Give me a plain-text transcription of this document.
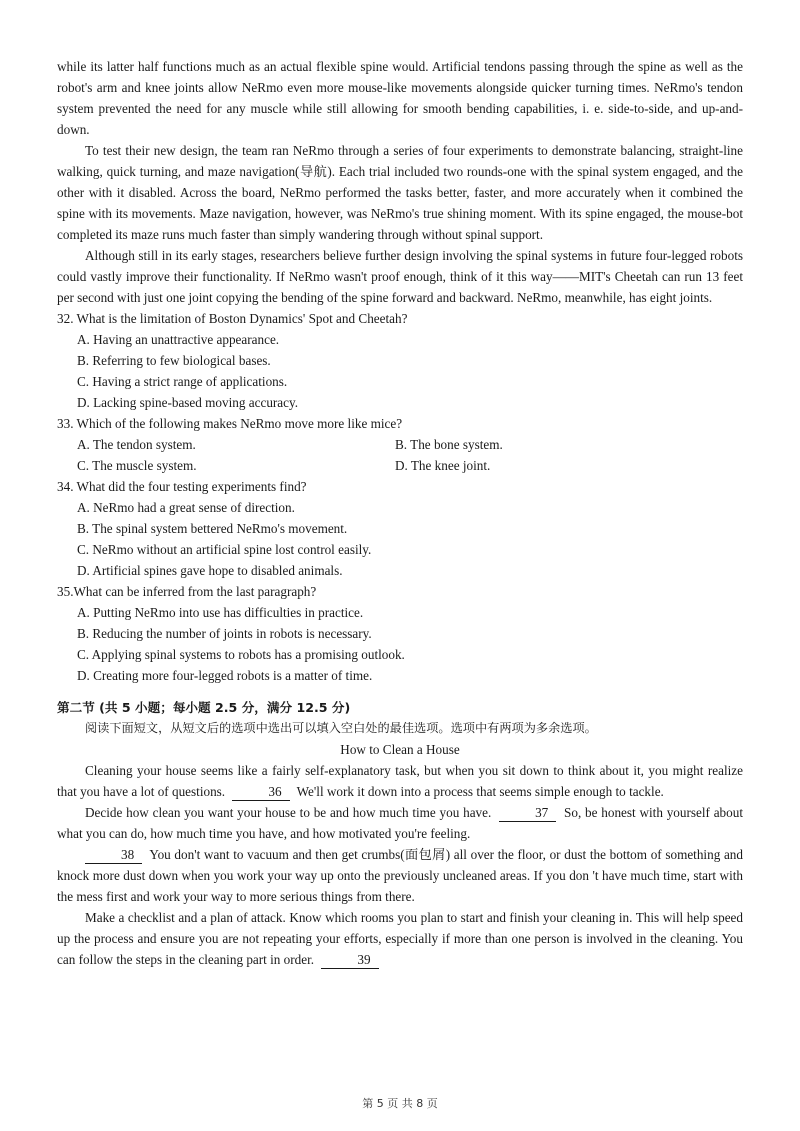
while its latter half functions much as an actual flexible spine would. Artificial tendons passing through the spine as well as the robot's arm and knee joints allow NeRmo even more mouse-like movements alongside quicker turning times. NeRmo's tendon system prevented the need for any muscle while still allowing for smooth bending capabilities, i. e. side-to-side, and up-and-down.

To test their new design, the team ran NeRmo through a series of four experiments to demonstrate balancing, straight-line walking, quick turning, and maze navigation(导航). Each trial included two rounds-one with the spinal system engaged, and the other with it disabled. Across the board, NeRmo performed the tasks better, faster, and more accurately when it combined the spine with its movements. Maze navigation, however, was NeRmo's true shining moment. With its spine engaged, the mouse-bot completed its maze runs much faster than simply wandering through without spinal support.

Although still in its early stages, researchers believe further design involving the spinal systems in future four-legged robots could vastly improve their functionality. If NeRmo wasn't proof enough, think of it this way——MIT's Cheetah can run 13 feet per second with just one joint copying the bending of the spine forward and backward. NeRmo, meanwhile, has eight joints.

32. What is the limitation of Boston Dynamics' Spot and Cheetah?

A. Having an unattractive appearance.

B. Referring to few biological bases.

C. Having a strict range of applications.

D. Lacking spine-based moving accuracy.

33. Which of the following makes NeRmo move more like mice?

A. The tendon system.	B. The bone system.
C. The muscle system.	D. The knee joint.

34. What did the four testing experiments find?

A. NeRmo had a great sense of direction.

B. The spinal system bettered NeRmo's movement.

C. NeRmo without an artificial spine lost control easily.

D. Artificial spines gave hope to disabled animals.

35.What can be inferred from the last paragraph?

A. Putting NeRmo into use has difficulties in practice.

B. Reducing the number of joints in robots is necessary.

C. Applying spinal systems to robots has a promising outlook.

D. Creating more four-legged robots is a matter of time.

第二节 (共 5 小题；每小题 2.5 分，满分 12.5 分)

阅读下面短文，从短文后的选项中选出可以填入空白处的最佳选项。选项中有两项为多余选项。

How to Clean a House

Cleaning your house seems like a fairly self-explanatory task, but when you sit down to think about it, you might realize that you have a lot of questions.	36 We'll work it down into a process that seems simple enough to tackle.

Decide how clean you want your house to be and how much time you have.	37 So, be honest with yourself about what you can do, how much time you have, and how motivated you're feeling.

38 You don't want to vacuum and then get crumbs(面包屑) all over the floor, or dust the bottom of something and knock more dust down when you work your way up onto the previously uncleaned areas. If you don 't have much time, start with the mess first and work your way to more serious things from there.

Make a checklist and a plan of attack. Know which rooms you plan to start and finish your cleaning in. This will help speed up the process and ensure you are not repeating your efforts, especially if more than one person is involved in the cleaning. You can follow the steps in the cleaning part in order.	39

第 5 页 共 8 页
